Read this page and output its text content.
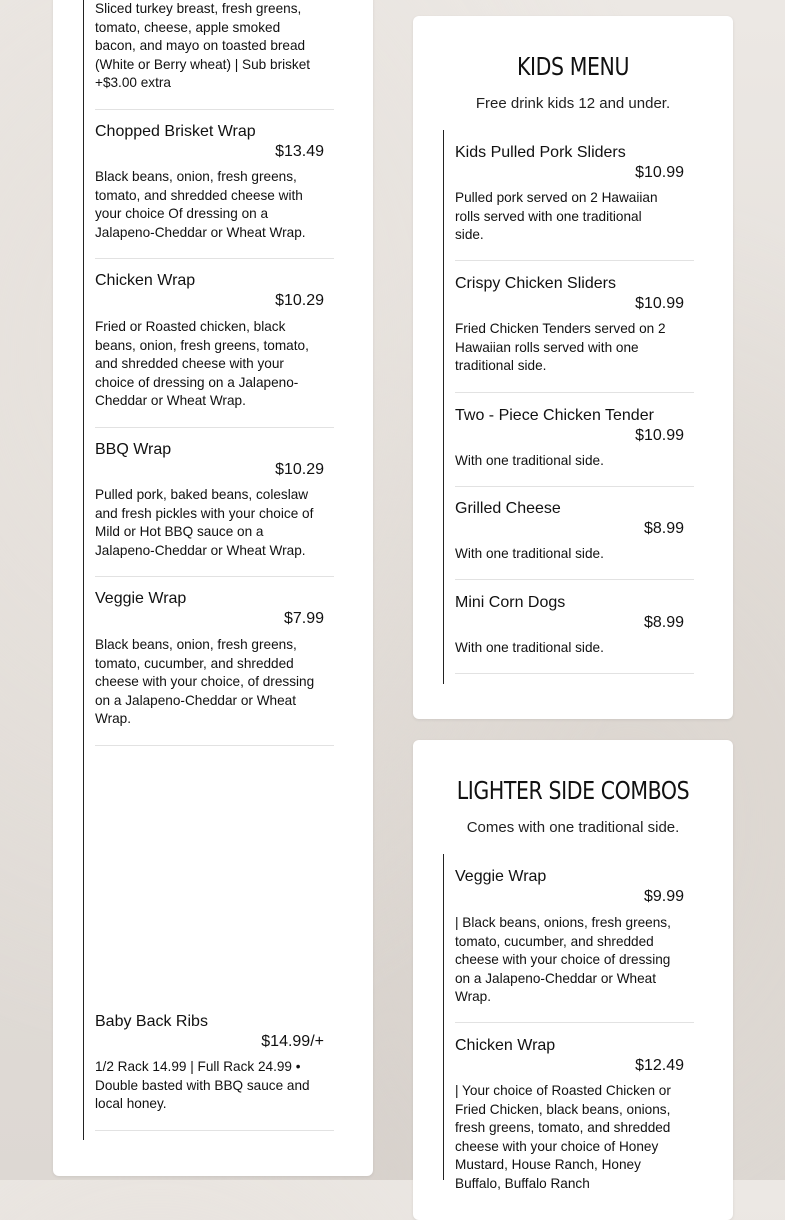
Sliced turkey breast, fresh greens, tomato, cheese, apple smoked bacon, and mayo on toasted bread (White or Berry wheat) | Sub brisket +$3.00 extra

Chopped Brisket Wrap
$13.49

Black beans, onion, fresh greens, tomato, and shredded cheese with your choice Of dressing on a Jalapeno-Cheddar or Wheat Wrap.

Chicken Wrap
$10.29

Fried or Roasted chicken, black beans, onion, fresh greens, tomato, and shredded cheese with your choice of dressing on a Jalapeno-Cheddar or Wheat Wrap.

BBQ Wrap
$10.29

Pulled pork, baked beans, coleslaw and fresh pickles with your choice of Mild or Hot BBQ sauce on a Jalapeno-Cheddar or Wheat Wrap.

Veggie Wrap
$7.99

Black beans, onion, fresh greens, tomato, cucumber, and shredded cheese with your choice, of dressing on a Jalapeno-Cheddar or Wheat Wrap.

Baby Back Ribs
$14.99/+

1/2 Rack 14.99 | Full Rack 24.99 • Double basted with BBQ sauce and local honey.

KIDS MENU

Free drink kids 12 and under.

Kids Pulled Pork Sliders
$10.99

Pulled pork served on 2 Hawaiian rolls served with one traditional side.

Crispy Chicken Sliders
$10.99

Fried Chicken Tenders served on 2 Hawaiian rolls served with one traditional side.

Two - Piece Chicken Tender
$10.99

With one traditional side.

Grilled Cheese
$8.99

With one traditional side.

Mini Corn Dogs
$8.99

With one traditional side.

LIGHTER SIDE COMBOS

Comes with one traditional side.

Veggie Wrap
$9.99

| Black beans, onions, fresh greens, tomato, cucumber, and shredded cheese with your choice of dressing on a Jalapeno-Cheddar or Wheat Wrap.

Chicken Wrap
$12.49

| Your choice of Roasted Chicken or Fried Chicken, black beans, onions, fresh greens, tomato, and shredded cheese with your choice of Honey Mustard, House Ranch, Honey Buffalo, Buffalo Ranch
